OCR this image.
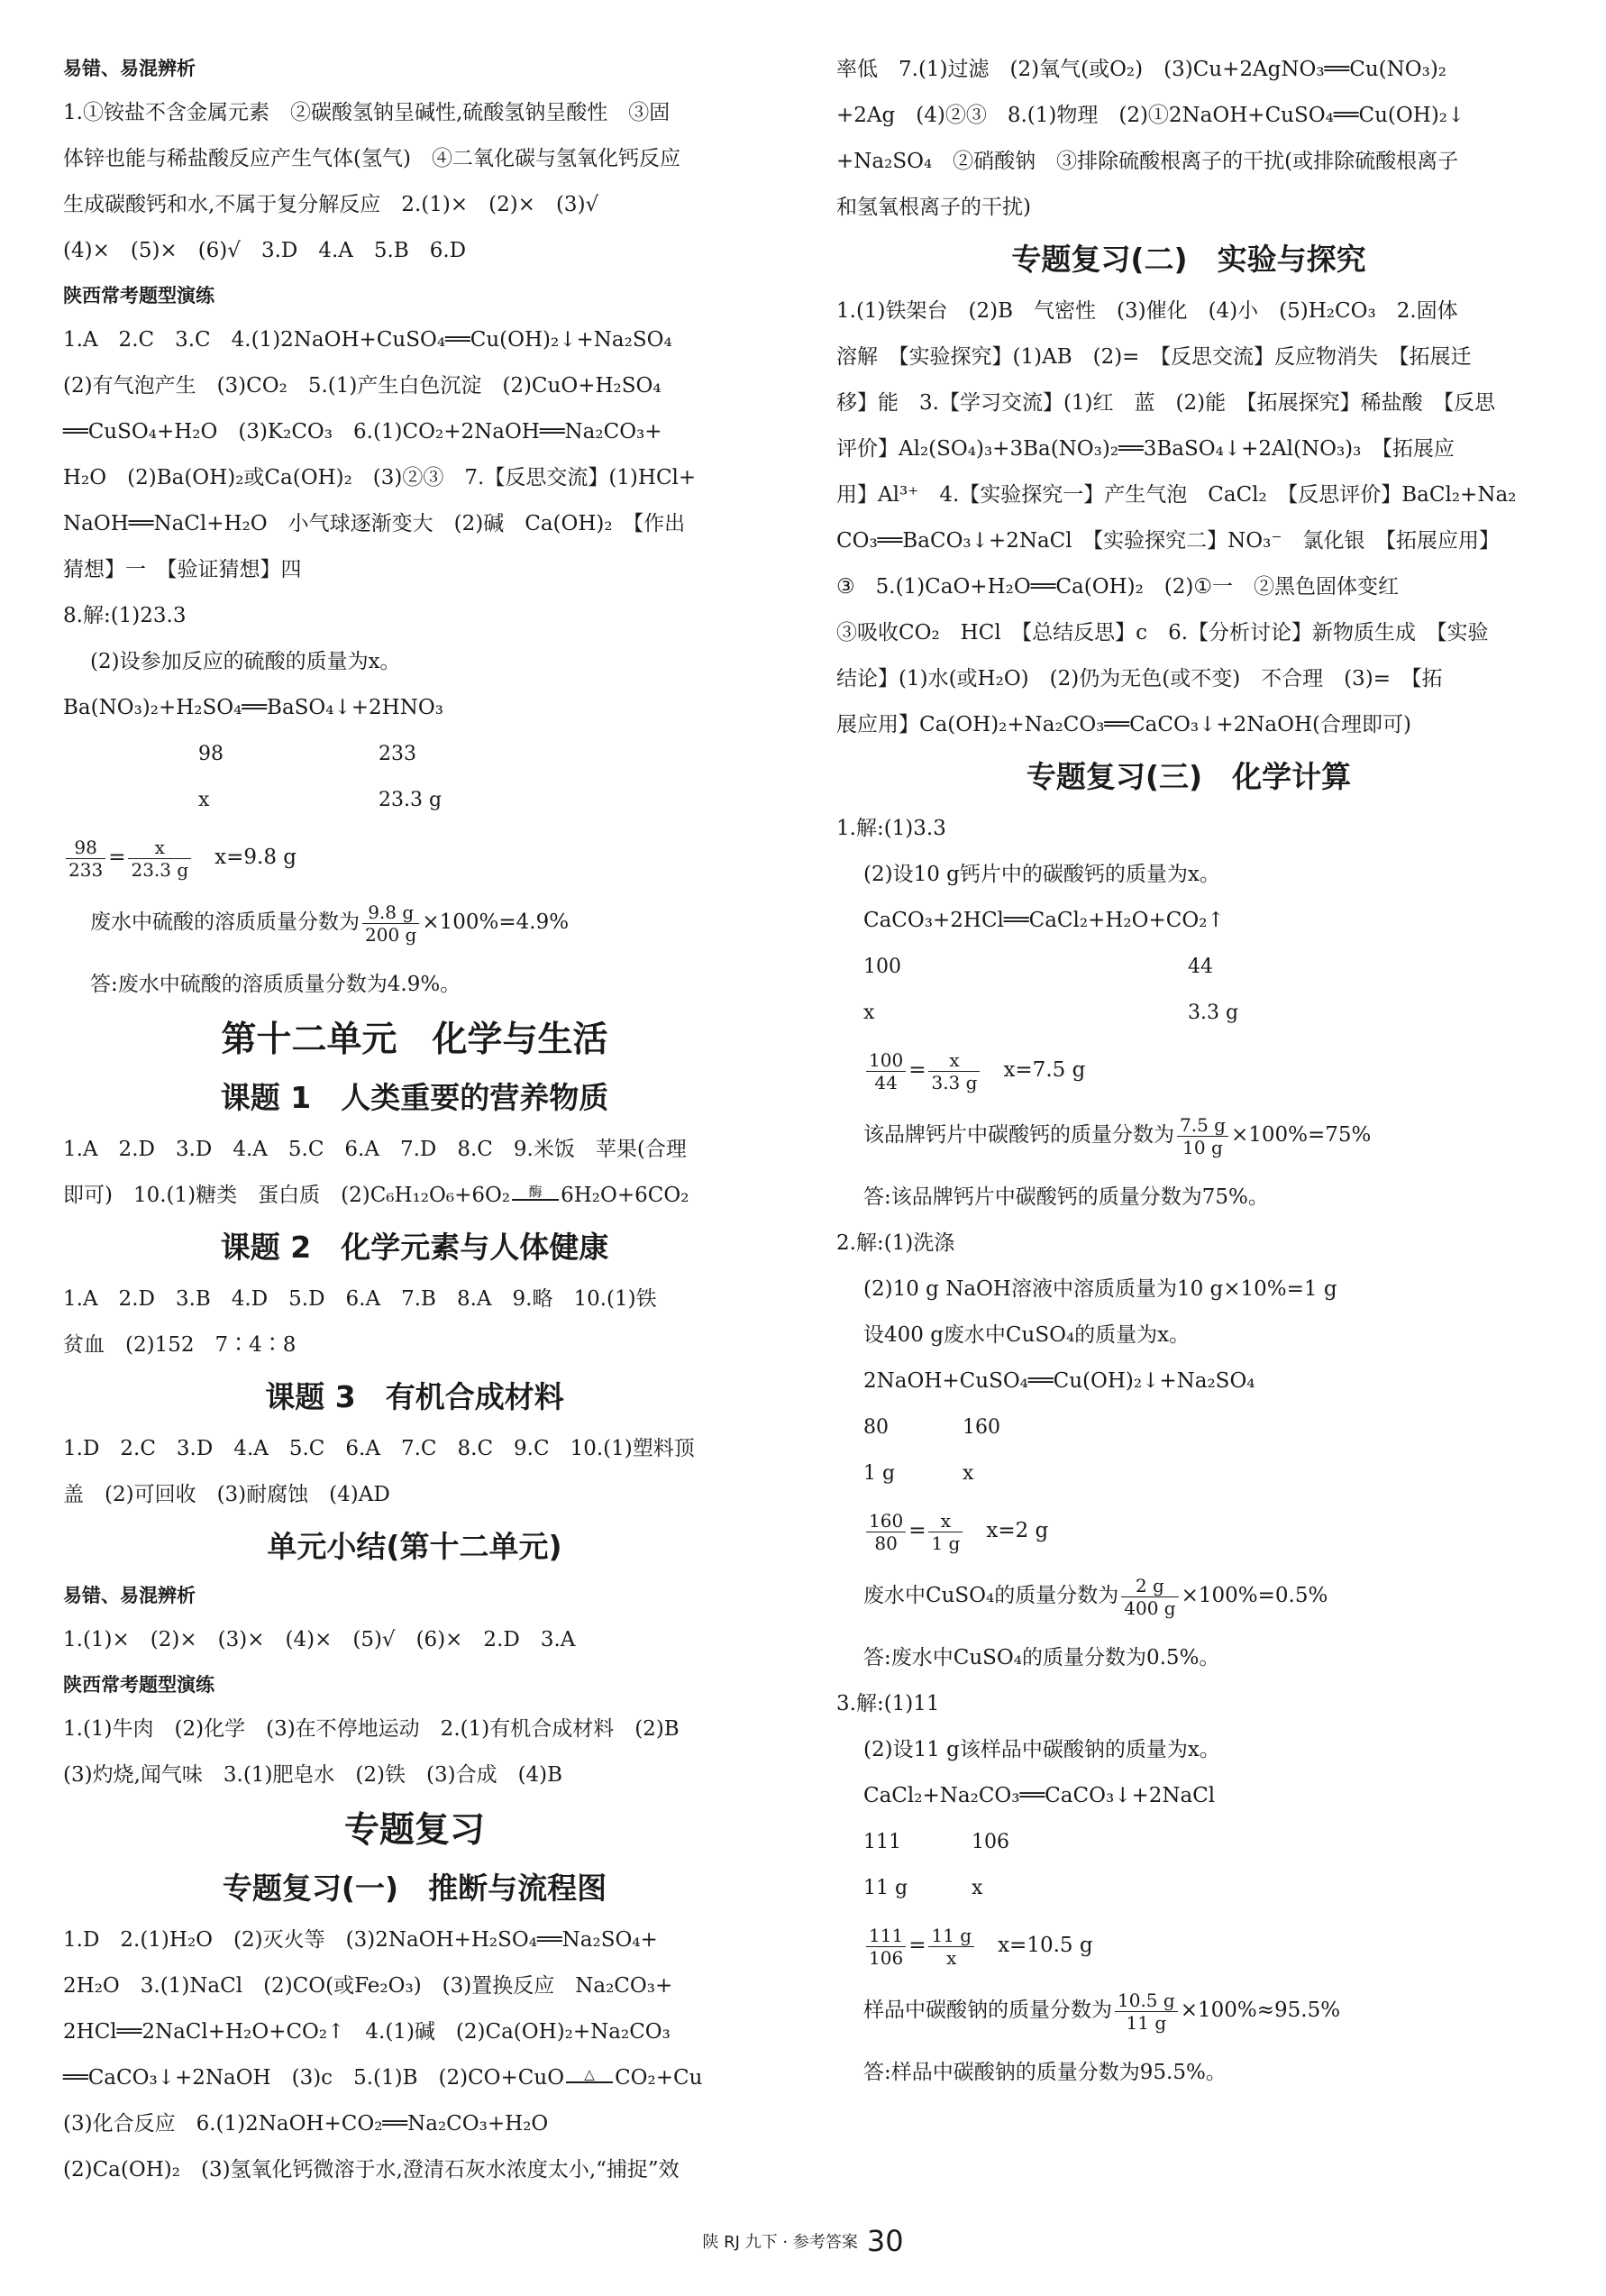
易错、易混辨析

1.①铵盐不含金属元素　②碳酸氢钠呈碱性,硫酸氢钠呈酸性　③固

体锌也能与稀盐酸反应产生气体(氢气)　④二氧化碳与氢氧化钙反应

生成碳酸钙和水,不属于复分解反应　2.(1)×　(2)×　(3)√

(4)×　(5)×　(6)√　3.D　4.A　5.B　6.D

陕西常考题型演练

1.A　2.C　3.C　4.(1)2NaOH+CuSO₄══Cu(OH)₂↓+Na₂SO₄

(2)有气泡产生　(3)CO₂　5.(1)产生白色沉淀　(2)CuO+H₂SO₄

══CuSO₄+H₂O　(3)K₂CO₃　6.(1)CO₂+2NaOH══Na₂CO₃+

H₂O　(2)Ba(OH)₂或Ca(OH)₂　(3)②③　7.【反思交流】(1)HCl+

NaOH══NaCl+H₂O　小气球逐渐变大　(2)碱　Ca(OH)₂　【作出

猜想】一　【验证猜想】四

8.解:(1)23.3

(2)设参加反应的硫酸的质量为x。

Ba(NO₃)₂+H₂SO₄══BaSO₄↓+2HNO₃

98	233
x	23.3 g
$\frac{98}{233} = \frac{x}{23.3 g}$
　 x=9.8 g
废水中硫酸的溶质质量分数为 $\frac{9.8 g}{200 g} \times 100\%=4.9\%$

答:废水中硫酸的溶质质量分数为4.9%。

第十二单元　化学与生活
课题 1　人类重要的营养物质

1.A　2.D　3.D　4.A　5.C　6.A　7.D　8.C　9.米饭　苹果(合理

即可)　10.(1)糖类　蛋白质　(2)C₆H₁₂O₆+6O₂	酶 6H₂O+6CO₂

课题 2　化学元素与人体健康

1.A　2.D　3.B　4.D　5.D　6.A　7.B　8.A　9.略　10.(1)铁

贫血　(2)152　7∶4∶8

课题 3　有机合成材料

1.D　2.C　3.D　4.A　5.C　6.A　7.C　8.C　9.C　10.(1)塑料顶

盖　(2)可回收　(3)耐腐蚀　(4)AD

单元小结(第十二单元)
易错、易混辨析

1.(1)×　(2)×　(3)×　(4)×　(5)√　(6)×　2.D　3.A

陕西常考题型演练

1.(1)牛肉　(2)化学　(3)在不停地运动　2.(1)有机合成材料　(2)B

(3)灼烧,闻气味　3.(1)肥皂水　(2)铁　(3)合成　(4)B

专题复习
专题复习(一)　推断与流程图

1.D　2.(1)H₂O　(2)灭火等　(3)2NaOH+H₂SO₄══Na₂SO₄+

2H₂O　3.(1)NaCl　(2)CO(或Fe₂O₃)　(3)置换反应　Na₂CO₃+

2HCl══2NaCl+H₂O+CO₂↑　4.(1)碱　(2)Ca(OH)₂+Na₂CO₃

══CaCO₃↓+2NaOH　(3)c　5.(1)B　(2)CO+CuO	△ CO₂+Cu

(3)化合反应　6.(1)2NaOH+CO₂══Na₂CO₃+H₂O

(2)Ca(OH)₂　(3)氢氧化钙微溶于水,澄清石灰水浓度太小,“捕捉”效

率低　7.(1)过滤　(2)氧气(或O₂)　(3)Cu+2AgNO₃══Cu(NO₃)₂

+2Ag　(4)②③　8.(1)物理　(2)①2NaOH+CuSO₄══Cu(OH)₂↓

+Na₂SO₄　②硝酸钠　③排除硫酸根离子的干扰(或排除硫酸根离子

和氢氧根离子的干扰)

专题复习(二)　实验与探究

1.(1)铁架台　(2)B　气密性　(3)催化　(4)小　(5)H₂CO₃　2.固体

溶解　【实验探究】(1)AB　(2)=　【反思交流】反应物消失　【拓展迁

移】能　3.【学习交流】(1)红　蓝　(2)能　【拓展探究】稀盐酸　【反思

评价】Al₂(SO₄)₃+3Ba(NO₃)₂══3BaSO₄↓+2Al(NO₃)₃　【拓展应

用】Al³⁺　4.【实验探究一】产生气泡　CaCl₂　【反思评价】BaCl₂+Na₂

CO₃══BaCO₃↓+2NaCl　【实验探究二】NO₃⁻　氯化银　【拓展应用】

③　5.(1)CaO+H₂O══Ca(OH)₂　(2)①一　②黑色固体变红

③吸收CO₂　HCl　【总结反思】c　6.【分析讨论】新物质生成　【实验

结论】(1)水(或H₂O)　(2)仍为无色(或不变)　不合理　(3)=　【拓

展应用】Ca(OH)₂+Na₂CO₃══CaCO₃↓+2NaOH(合理即可)

专题复习(三)　化学计算

1.解:(1)3.3

(2)设10 g钙片中的碳酸钙的质量为x。

CaCO₃+2HCl══CaCl₂+H₂O+CO₂↑

100	44
x	3.3 g
$\frac{100}{44} = \frac{x}{3.3 g}$
　 x=7.5 g
该品牌钙片中碳酸钙的质量分数为 $\frac{7.5 g}{10 g} \times 100\%=75\%$

答:该品牌钙片中碳酸钙的质量分数为75%。

2.解:(1)洗涤

(2)10 g NaOH溶液中溶质质量为10 g×10%=1 g

设400 g废水中CuSO₄的质量为x。

2NaOH+CuSO₄══Cu(OH)₂↓+Na₂SO₄

80	160
1 g	x
$\frac{160}{80} = \frac{x}{1 g}$
　 x=2 g
废水中CuSO₄的质量分数为 $\frac{2 g}{400 g} \times 100\%=0.5\%$

答:废水中CuSO₄的质量分数为0.5%。

3.解:(1)11

(2)设11 g该样品中碳酸钠的质量为x。

CaCl₂+Na₂CO₃══CaCO₃↓+2NaCl

111	106
11 g	x
$\frac{111}{106} = \frac{11 g}{x}$
　 x=10.5 g
样品中碳酸钠的质量分数为 $\frac{10.5 g}{11 g} \times 100\%\approx 95.5\%$

答:样品中碳酸钠的质量分数为95.5%。

陕 RJ 九下 · 参考答案 30
